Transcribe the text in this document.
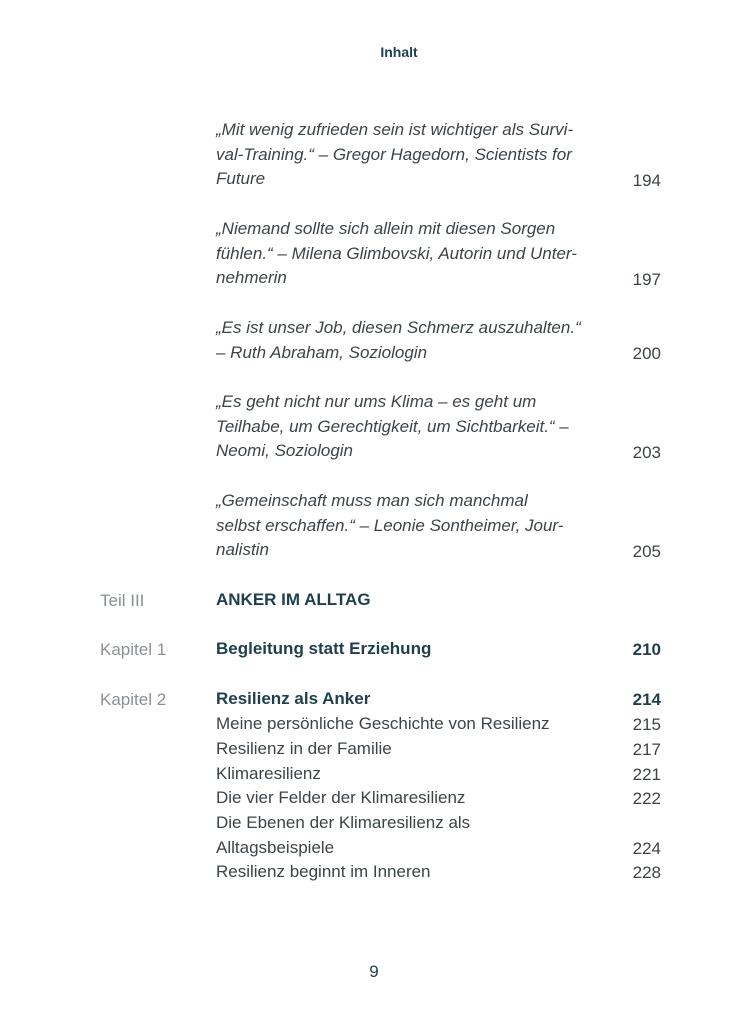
Inhalt
„Mit wenig zufrieden sein ist wichtiger als Survi-
val-Training.“ – Gregor Hagedorn, Scientists for
Future	194
„Niemand sollte sich allein mit diesen Sorgen
fühlen.“ – Milena Glimbovski, Autorin und Unter-
nehmerin	197
„Es ist unser Job, diesen Schmerz auszuhalten.“
– Ruth Abraham, Soziologin	200
„Es geht nicht nur ums Klima – es geht um
Teilhabe, um Gerechtigkeit, um Sichtbarkeit.“ –
Neomi, Soziologin	203
„Gemeinschaft muss man sich manchmal
selbst erschaffen.“ – Leonie Sontheimer, Jour-
nalistin	205
Teil III	ANKER IM ALLTAG
Kapitel 1	Begleitung statt Erziehung	210
Kapitel 2	Resilienz als Anker	214
Meine persönliche Geschichte von Resilienz	215
Resilienz in der Familie	217
Klimaresilienz	221
Die vier Felder der Klimaresilienz	222
Die Ebenen der Klimaresilienz als
Alltagsbeispiele	224
Resilienz beginnt im Inneren	228
9
